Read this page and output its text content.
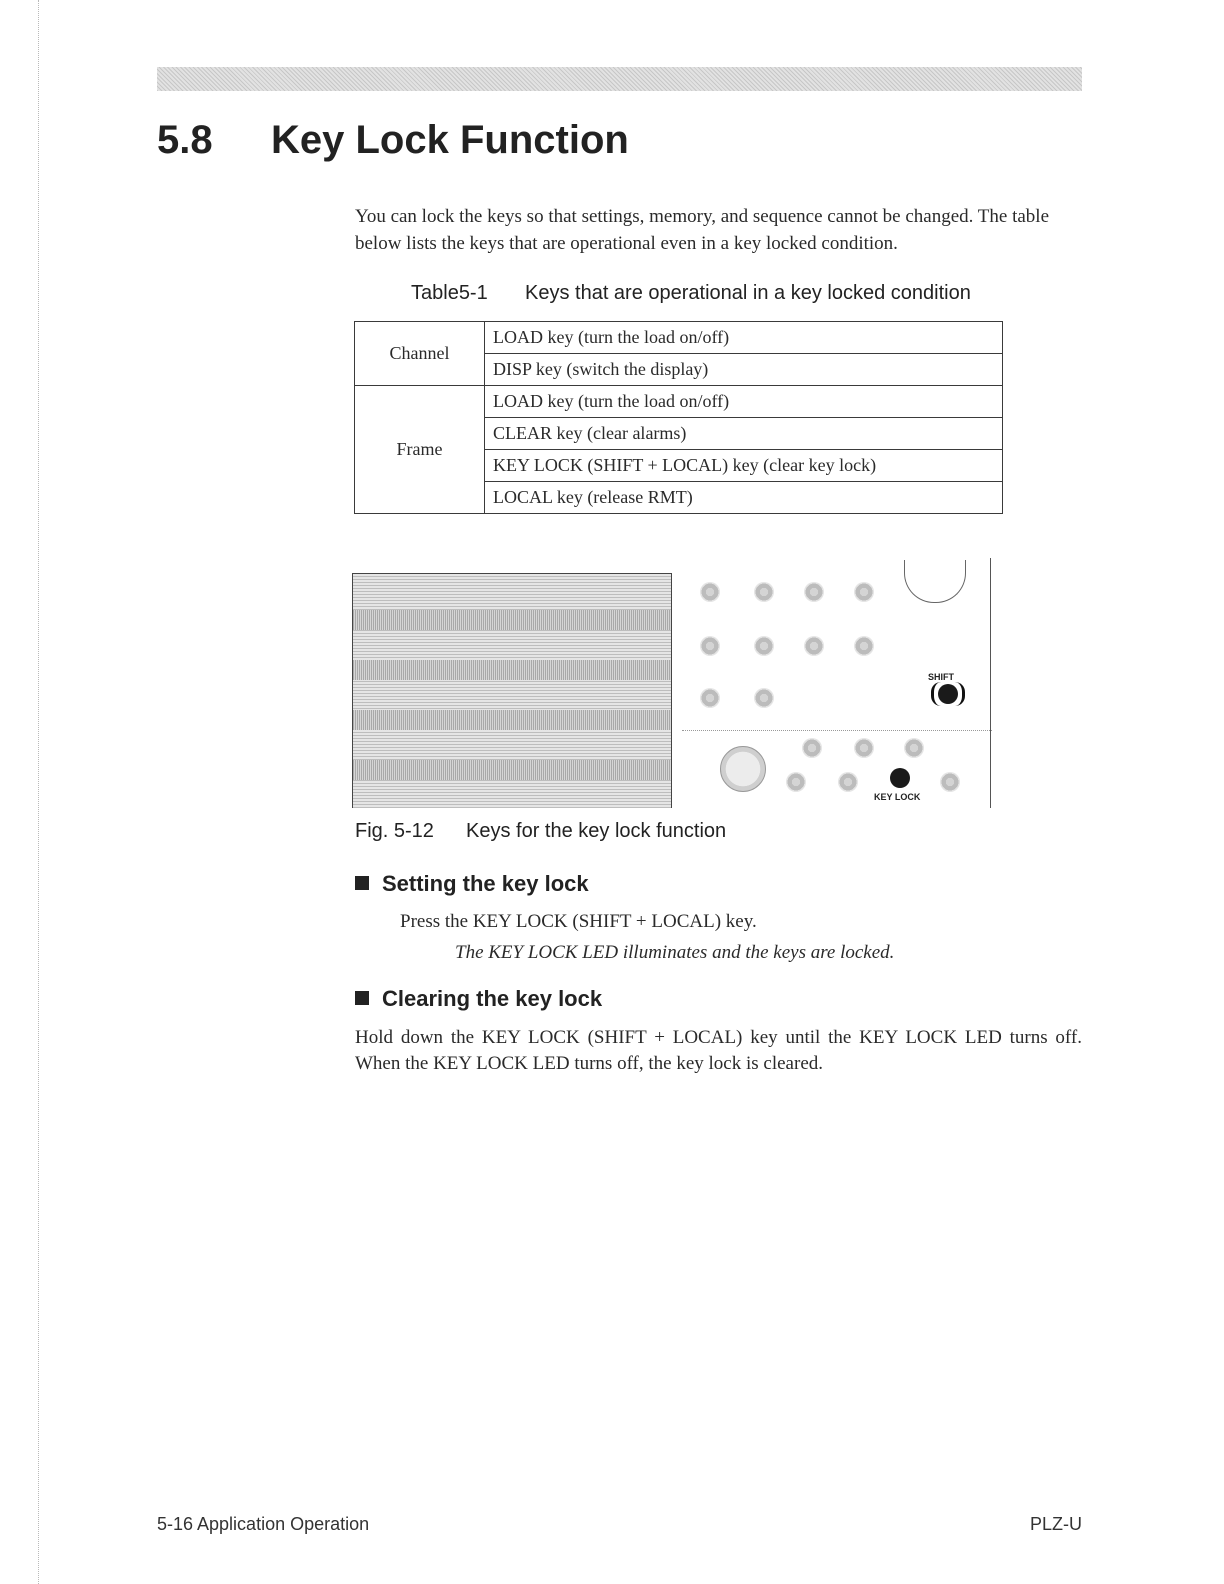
5.8 Key Lock Function

You can lock the keys so that settings, memory, and sequence cannot be changed. The table below lists the keys that are operational even in a key locked condition.

Table5-1 Keys that are operational in a key locked condition

Channel	LOAD key (turn the load on/off)
	DISP key (switch the display)
Frame	LOAD key (turn the load on/off)
	CLEAR key (clear alarms)
	KEY LOCK (SHIFT + LOCAL) key (clear key lock)
	LOCAL key (release RMT)
SHIFT
KEY LOCK

Fig. 5-12 Keys for the key lock function

Setting the key lock

Press the KEY LOCK (SHIFT + LOCAL) key.

The KEY LOCK LED illuminates and the keys are locked.

Clearing the key lock

Hold down the KEY LOCK (SHIFT + LOCAL) key until the KEY LOCK LED turns off. When the KEY LOCK LED turns off, the key lock is cleared.

5-16 Application Operation	PLZ-U
